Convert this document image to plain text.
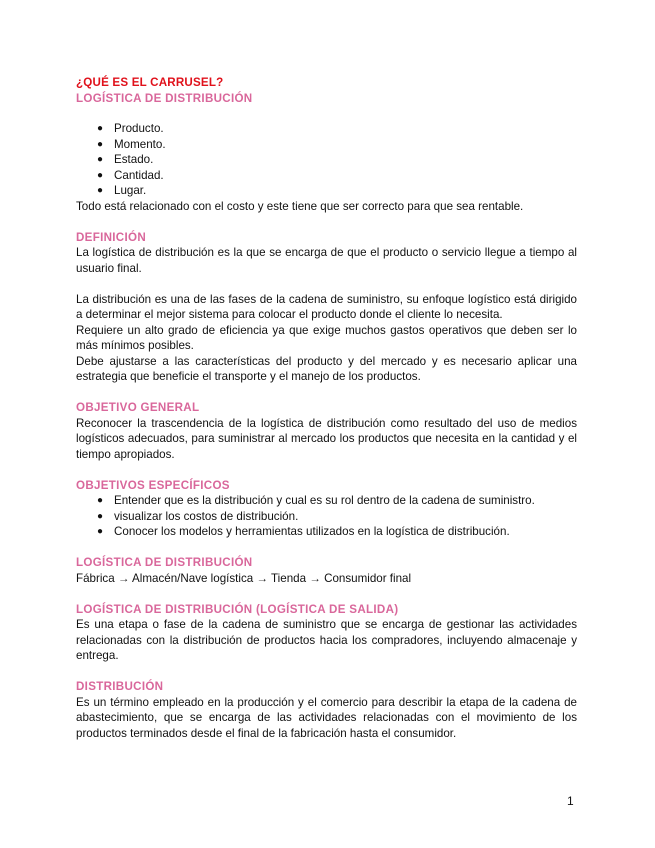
¿QUÉ ES EL CARRUSEL?

LOGÍSTICA DE DISTRIBUCIÓN

● Producto.
● Momento.
● Estado.
● Cantidad.
● Lugar.

Todo está relacionado con el costo y este tiene que ser correcto para que sea rentable.

DEFINICIÓN

La logística de distribución es la que se encarga de que el producto o servicio llegue a tiempo al usuario final.

La distribución es una de las fases de la cadena de suministro, su enfoque logístico está dirigido a determinar el mejor sistema para colocar el producto donde el cliente lo necesita.

Requiere un alto grado de eficiencia ya que exige muchos gastos operativos que deben ser lo más mínimos posibles.

Debe ajustarse a las características del producto y del mercado y es necesario aplicar una estrategia que beneficie el transporte y el manejo de los productos.

OBJETIVO GENERAL

Reconocer la trascendencia de la logística de distribución como resultado del uso de medios logísticos adecuados, para suministrar al mercado los productos que necesita en la cantidad y el tiempo apropiados.

OBJETIVOS ESPECÍFICOS

● Entender que es la distribución y cual es su rol dentro de la cadena de suministro.
● visualizar los costos de distribución.
● Conocer los modelos y herramientas utilizados en la logística de distribución.

LOGÍSTICA DE DISTRIBUCIÓN

Fábrica → Almacén/Nave logística → Tienda → Consumidor final

LOGÍSTICA DE DISTRIBUCIÓN (LOGÍSTICA DE SALIDA)

Es una etapa o fase de la cadena de suministro que se encarga de gestionar las actividades relacionadas con la distribución de productos hacia los compradores, incluyendo almacenaje y entrega.

DISTRIBUCIÓN

Es un término empleado en la producción y el comercio para describir la etapa de la cadena de abastecimiento, que se encarga de las actividades relacionadas con el movimiento de los productos terminados desde el final de la fabricación hasta el consumidor.

1
